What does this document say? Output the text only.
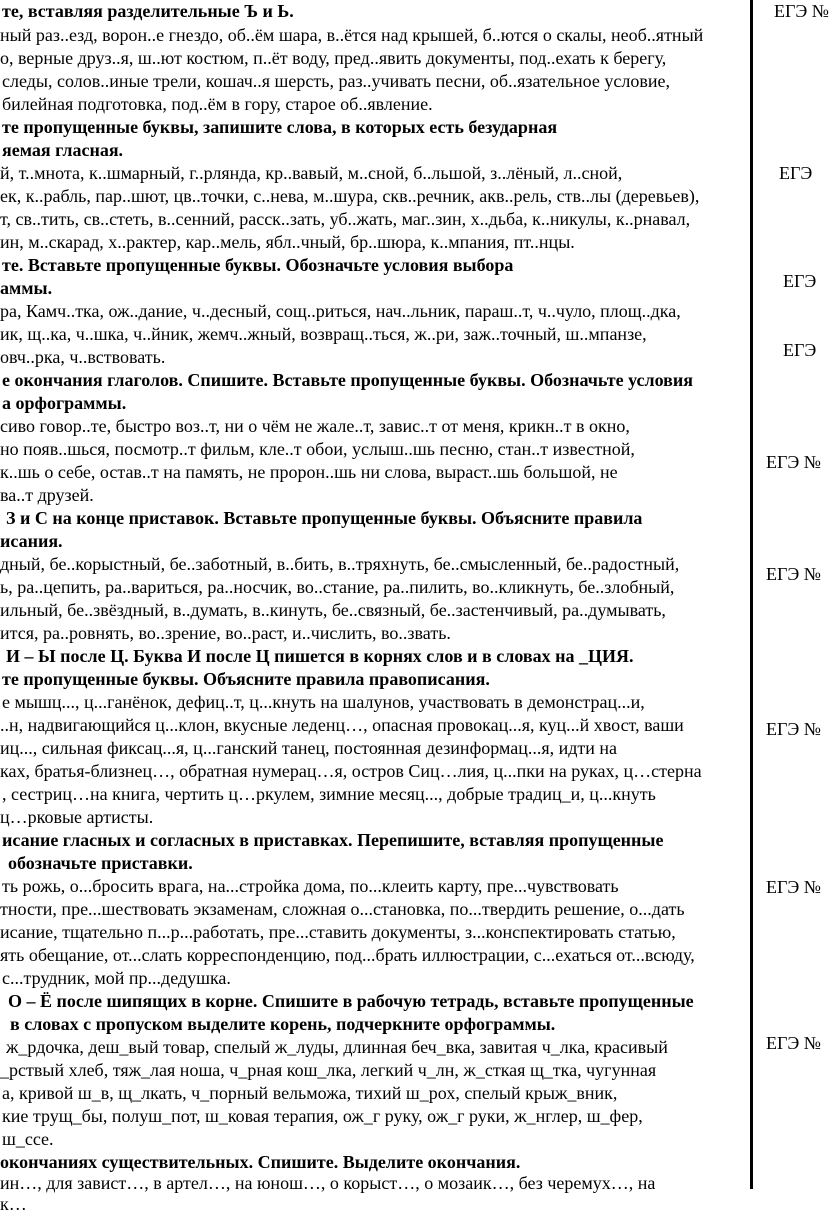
те, вставляя разделительные Ъ и Ь.
ный раз..езд, ворон..е гнездо, об..ём шара, в..ётся над крышей, б..ются о скалы, необ..ятный
о, верные друз..я, ш..ют костюм, п..ёт воду, пред..явить документы, под..ехать к берегу,
следы, солов..иные трели, кошач..я шерсть, раз..учивать песни, об..язательное условие,
билейная подготовка, под..ём в гору, старое об..явление.
те пропущенные буквы, запишите слова, в которых есть безударная
яемая гласная.
й, т..мнота, к..шмарный, г..рлянда, кр..вавый, м..сной, б..льшой, з..лёный, л..сной,
ек, к..рабль, пар..шют, цв..точки, с..нева, м..шура, скв..речник, акв..рель, ств..лы (деревьев),
т, св..тить, св..стеть, в..сенний, расск..зать, уб..жать, маг..зин, х..дьба, к..никулы, к..рнавал,
ин, м..скарад, х..рактер, кар..мель, ябл..чный, бр..шюра, к..мпания, пт..нцы.
те. Вставьте пропущенные буквы. Обозначьте условия выбора
аммы.
ра, Камч..тка, ож..дание, ч..десный, сощ..риться, нач..льник, параш..т, ч..чуло, площ..дка,
ик, щ..ка, ч..шка, ч..йник, жемч..жный, возвращ..ться, ж..ри, заж..точный, ш..мпанзе,
овч..рка, ч..вствовать.
е окончания глаголов. Спишите. Вставьте пропущенные буквы. Обозначьте условия
а орфограммы.
сиво говор..те, быстро воз..т, ни о чём не жале..т, завис..т от меня, крикн..т в окно,
но появ..шься, посмотр..т фильм, кле..т обои, услыш..шь песню, стан..т известной,
к..шь о себе, остав..т на память, не пророн..шь ни слова, выраст..шь большой, не
ва..т друзей.
З и С на конце приставок. Вставьте пропущенные буквы. Объясните правила
исания.
дный, бе..корыстный, бе..заботный, в..бить, в..тряхнуть, бе..смысленный, бе..радостный,
ь, ра..цепить, ра..вариться, ра..носчик, во..стание, ра..пилить, во..кликнуть, бе..злобный,
ильный, бе..звёздный, в..думать, в..кинуть, бе..связный, бе..застенчивый, ра..думывать,
ится, ра..ровнять, во..зрение, во..раст, и..числить, во..звать.
И – Ы после Ц. Буква И после Ц пишется в корнях слов и в словах на _ЦИЯ.
те пропущенные буквы. Объясните правила правописания.
е мышц..., ц...ганёнок, дефиц..т, ц...кнуть на шалунов, участвовать в демонстрац...и,
..н, надвигающийся ц...клон, вкусные леденц…, опасная провокац...я, куц...й хвост, ваши
иц..., сильная фиксац...я, ц...ганский танец, постоянная дезинформац...я, идти на
ках, братья-близнец…, обратная нумерац…я, остров Сиц…лия, ц...пки на руках, ц…стерна
, сестриц…на книга, чертить ц…ркулем, зимние месяц..., добрые традиц_и, ц...кнуть
ц…рковые артисты.
исание гласных и согласных в приставках. Перепишите, вставляя пропущенные
обозначьте приставки.
ть рожь, о...бросить врага, на...стройка дома, по...клеить карту, пре...чувствовать
тности, пре...шествовать экзаменам, сложная о...становка, по...твердить решение, о...дать
исание, тщательно п...р...работать, пре...ставить документы, з...конспектировать статью,
ять обещание, от...слать корреспонденцию, под...брать иллюстрации, с...ехаться от...всюду,
с...трудник, мой пр...дедушка.
О – Ё после шипящих в корне. Спишите в рабочую тетрадь, вставьте пропущенные
в словах с пропуском выделите корень, подчеркните орфограммы.
ж_рдочка, деш_вый товар, спелый ж_луды, длинная беч_вка, завитая ч_лка, красивый
_рствый хлеб, тяж_лая ноша, ч_рная кош_лка, легкий ч_лн, ж_сткая щ_тка, чугунная
а, кривой ш_в, щ_лкать, ч_порный вельможа, тихий ш_рох, спелый крыж_вник,
кие трущ_бы, полуш_пот, ш_ковая терапия, ож_г руку, ож_г руки, ж_нглер, ш_фер,
ш_ссе.
окончаниях существительных. Спишите. Выделите окончания.
ин…, для завист…, в артел…, на юнош…, о корыст…, о мозаик…, без черемух…, на
к…
ЕГЭ №
ЕГЭ
ЕГЭ
ЕГЭ
ЕГЭ №
ЕГЭ №
ЕГЭ №
ЕГЭ №
ЕГЭ №
